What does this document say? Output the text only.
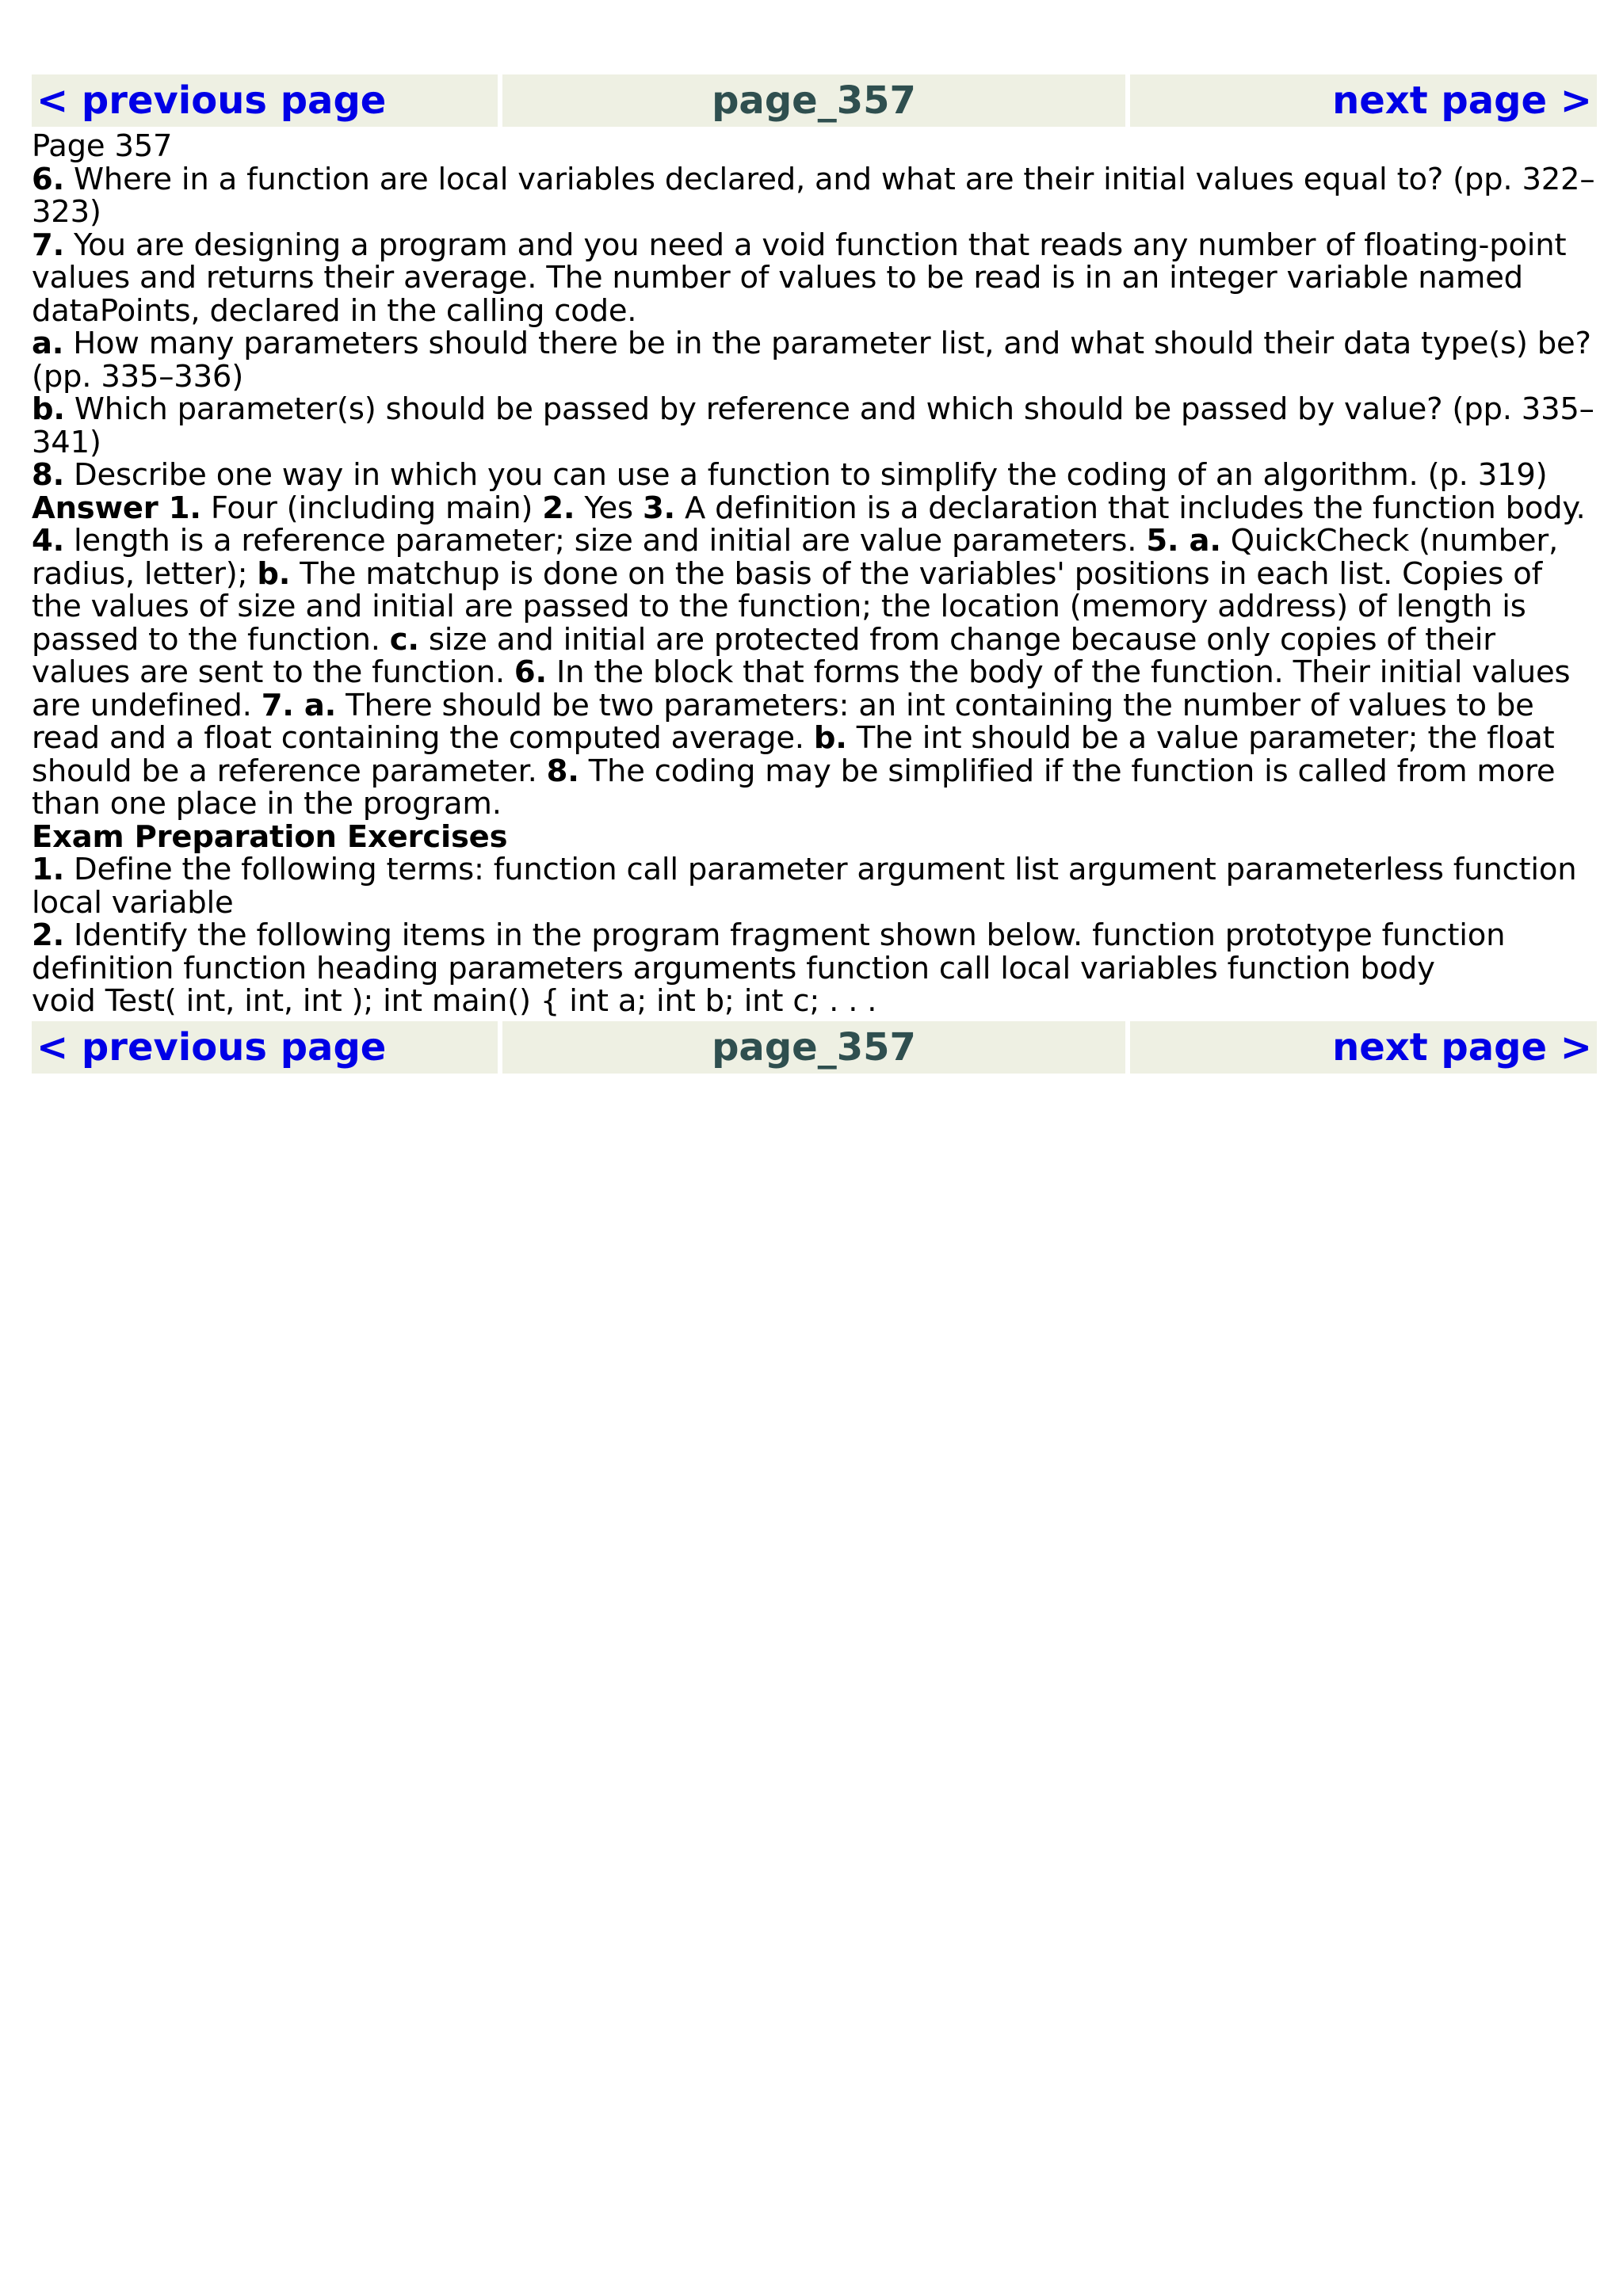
< previous page	page_357	next page >

Page 357

6. Where in a function are local variables declared, and what are their initial values equal to? (pp. 322–323)

7. You are designing a program and you need a void function that reads any number of floating-point values and returns their average. The number of values to be read is in an integer variable named dataPoints, declared in the calling code.

a. How many parameters should there be in the parameter list, and what should their data type(s) be? (pp. 335–336)

b. Which parameter(s) should be passed by reference and which should be passed by value? (pp. 335–341)

8. Describe one way in which you can use a function to simplify the coding of an algorithm. (p. 319)

Answer 1. Four (including main) 2. Yes 3. A definition is a declaration that includes the function body. 4. length is a reference parameter; size and initial are value parameters. 5. a. QuickCheck (number, radius, letter); b. The matchup is done on the basis of the variables' positions in each list. Copies of the values of size and initial are passed to the function; the location (memory address) of length is passed to the function. c. size and initial are protected from change because only copies of their values are sent to the function. 6. In the block that forms the body of the function. Their initial values are undefined. 7. a. There should be two parameters: an int containing the number of values to be read and a float containing the computed average. b. The int should be a value parameter; the float should be a reference parameter. 8. The coding may be simplified if the function is called from more than one place in the program.

Exam Preparation Exercises

1. Define the following terms: function call parameter argument list argument parameterless function local variable

2. Identify the following items in the program fragment shown below. function prototype function definition function heading parameters arguments function call local variables function body

void Test( int, int, int ); int main() { int a; int b; int c; . . .

< previous page	page_357	next page >
